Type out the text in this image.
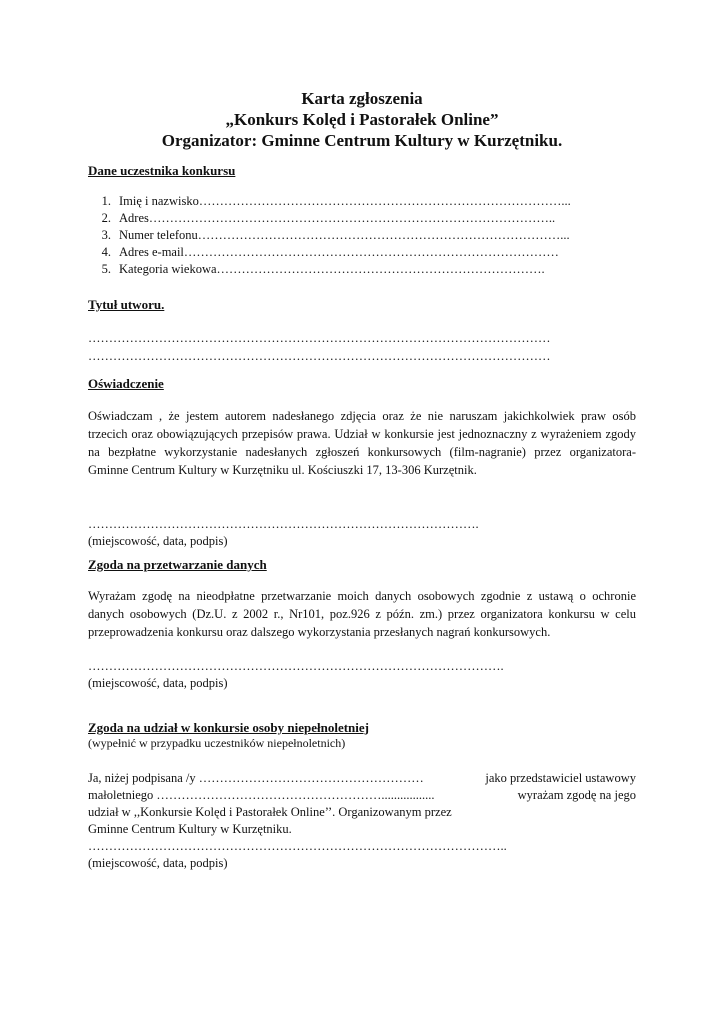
Karta zgłoszenia
„Konkurs Kolęd i Pastorałek Online”
Organizator: Gminne Centrum Kultury w Kurzętniku.
Dane uczestnika konkursu
1. Imię i nazwisko……………………………………………………………………………...
2. Adres……………………………………………………………………………………..
3. Numer telefonu……………………………………………………………………………...
4. Adres e-mail………………………………………………………………………………
5. Kategoria wiekowa…………………………………………………………………….
Tytuł utworu.
…………………………………………………………………………………………………
…………………………………………………………………………………………………
Oświadczenie
Oświadczam , że jestem autorem nadesłanego zdjęcia oraz że nie naruszam jakichkolwiek praw osób trzecich oraz obowiązujących przepisów prawa. Udział w konkursie jest jednoznaczny z wyrażeniem zgody na bezpłatne wykorzystanie nadesłanych zgłoszeń konkursowych (film-nagranie) przez organizatora- Gminne Centrum Kultury w Kurzętniku ul. Kościuszki 17, 13-306 Kurzętnik.
………………………………………………………………………………….
(miejscowość, data, podpis)
Zgoda na przetwarzanie danych
Wyrażam zgodę na nieodpłatne przetwarzanie moich danych osobowych zgodnie z ustawą o ochronie danych osobowych (Dz.U. z 2002 r., Nr101, poz.926 z późn. zm.) przez organizatora konkursu w celu przeprowadzenia konkursu oraz dalszego wykorzystania przesłanych nagrań konkursowych.
……………………………………………………………………………………….
(miejscowość, data, podpis)
Zgoda na udział w konkursie osoby niepełnoletniej
(wypełnić w przypadku uczestników niepełnoletnich)
Ja, niżej podpisana /y ………………………………………………	jako przedstawiciel ustawowy
małoletniego ……………………………………………….................	wyrażam zgodę na jego
udział w ,,Konkursie Kolęd i Pastorałek Online’’. Organizowanym przez
Gminne Centrum Kultury w Kurzętniku.
………………………………………………………………………………………..
(miejscowość, data, podpis)
